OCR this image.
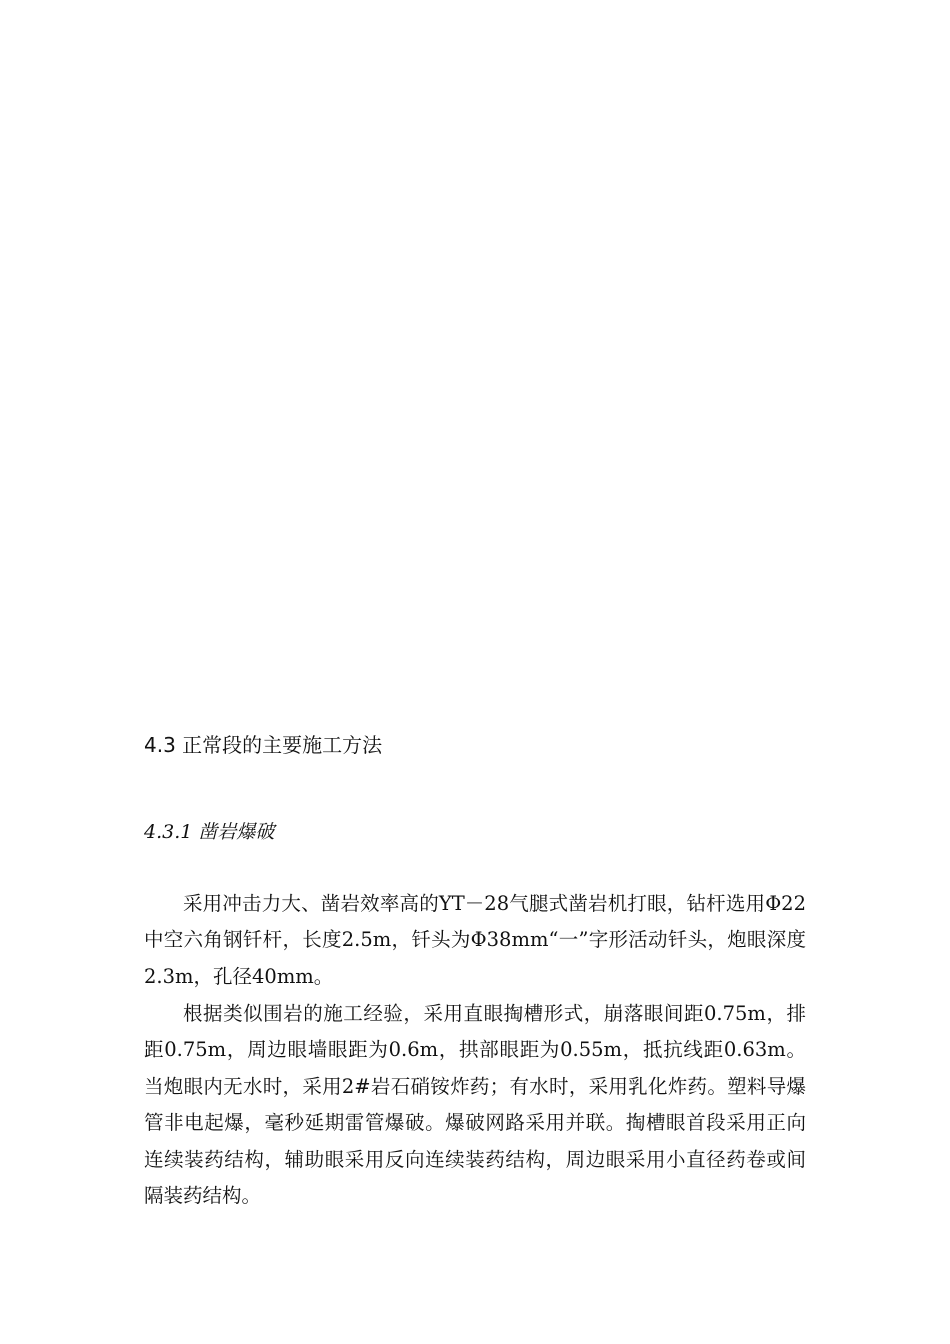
4.3 正常段的主要施工方法
4.3.1 凿岩爆破

采用冲击力大、凿岩效率高的YT－28气腿式凿岩机打眼，钻杆选用Φ22中空六角钢钎杆，长度2.5m，钎头为Φ38mm“一”字形活动钎头，炮眼深度2.3m，孔径40mm。

根据类似围岩的施工经验，采用直眼掏槽形式，崩落眼间距0.75m，排距0.75m，周边眼墙眼距为0.6m，拱部眼距为0.55m，抵抗线距0.63m。当炮眼内无水时，采用2#岩石硝铵炸药；有水时，采用乳化炸药。塑料导爆管非电起爆，毫秒延期雷管爆破。爆破网路采用并联。掏槽眼首段采用正向连续装药结构，辅助眼采用反向连续装药结构，周边眼采用小直径药卷或间隔装药结构。
